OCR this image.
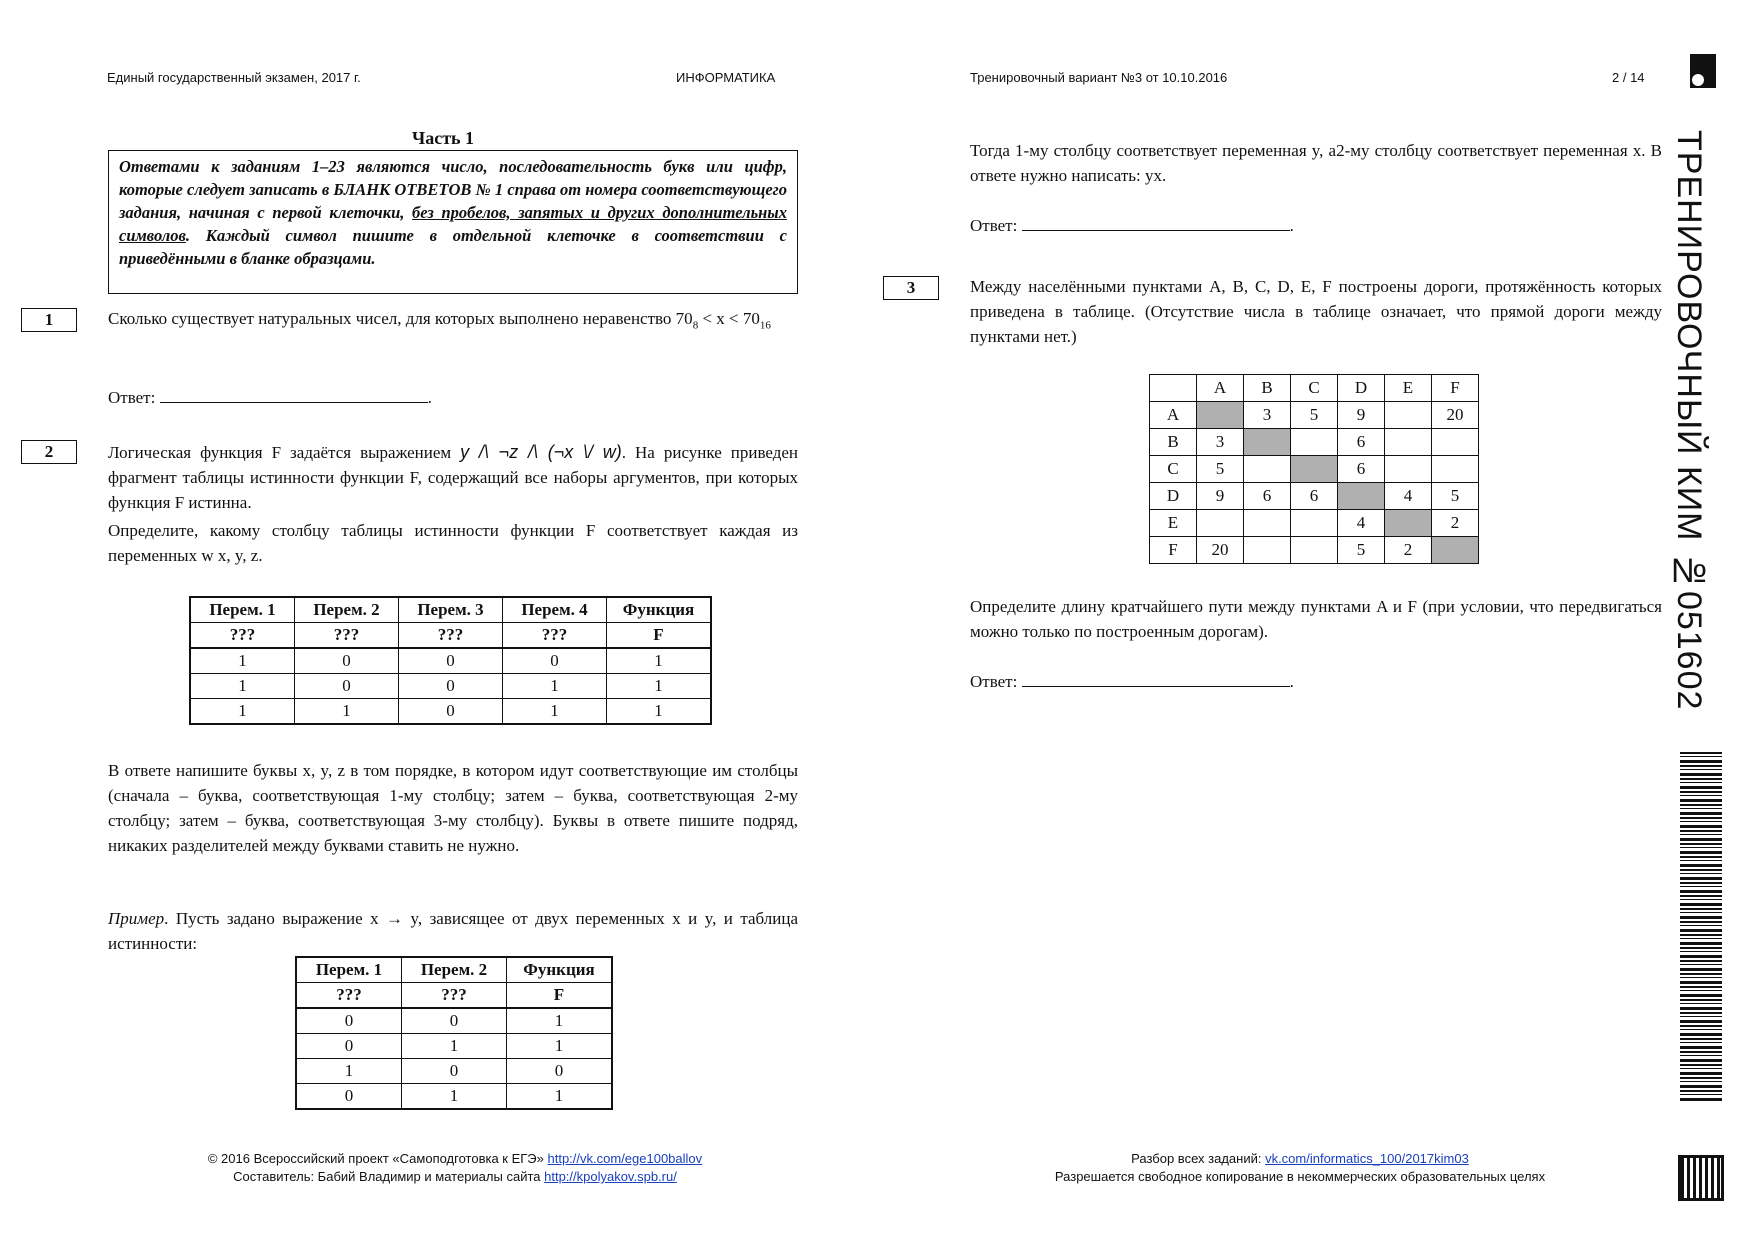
Единый государственный экзамен, 2017 г.	ИНФОРМАТИКА	Тренировочный вариант №3 от 10.10.2016	2 / 14
ТРЕНИРОВОЧНЫЙ КИМ №051602
Часть 1
Ответами к заданиям 1–23 являются число, последовательность букв или цифр, которые следует записать в БЛАНК ОТВЕТОВ № 1 справа от номера соответствующего задания, начиная с первой клеточки, без пробелов, запятых и других дополнительных символов. Каждый символ пишите в отдельной клеточке в соответствии с приведёнными в бланке образцами.
1	Сколько существует натуральных чисел, для которых выполнено неравенство $70_8 < x < 70_{16}$
Ответ:	.
2	Логическая функция F задаётся выражением y /\ ¬z /\ (¬x \/ w). На рисунке приведен фрагмент таблицы истинности функции F, содержащий все наборы аргументов, при которых функция F истинна.
Определите, какому столбцу таблицы истинности функции F соответствует каждая из переменных w x, y, z.
Перем. 1	Перем. 2	Перем. 3	Перем. 4	Функция
???	???	???	???	F
1	0	0	0	1
1	0	0	1	1
1	1	0	1	1
В ответе напишите буквы x, y, z в том порядке, в котором идут соответствующие им столбцы (сначала – буква, соответствующая 1-му столбцу; затем – буква, соответствующая 2-му столбцу; затем – буква, соответствующая 3-му столбцу). Буквы в ответе пишите подряд, никаких разделителей между буквами ставить не нужно.
Пример. Пусть задано выражение x → y, зависящее от двух переменных x и y, и таблица истинности:
Перем. 1	Перем. 2	Функция
???	???	F
0	0	1
0	1	1
1	0	0
0	1	1
Тогда 1-му столбцу соответствует переменная y, а2-му столбцу соответствует переменная x. В ответе нужно написать: yx.
Ответ:	.
3	Между населёнными пунктами A, B, C, D, E, F построены дороги, протяжённость которых приведена в таблице. (Отсутствие числа в таблице означает, что прямой дороги между пунктами нет.)
	A	B	C	D	E	F
A		3	5	9		20
B	3			6		
C	5			6		
D	9	6	6		4	5
E				4		2
F	20			5	2	
Определите длину кратчайшего пути между пунктами A и F (при условии, что передвигаться можно только по построенным дорогам).
Ответ:	.
© 2016 Всероссийский проект «Самоподготовка к ЕГЭ» http://vk.com/ege100ballov
Составитель: Бабий Владимир и материалы сайта http://kpolyakov.spb.ru/
Разбор всех заданий: vk.com/informatics_100/2017kim03
Разрешается свободное копирование в некоммерческих образовательных целях
